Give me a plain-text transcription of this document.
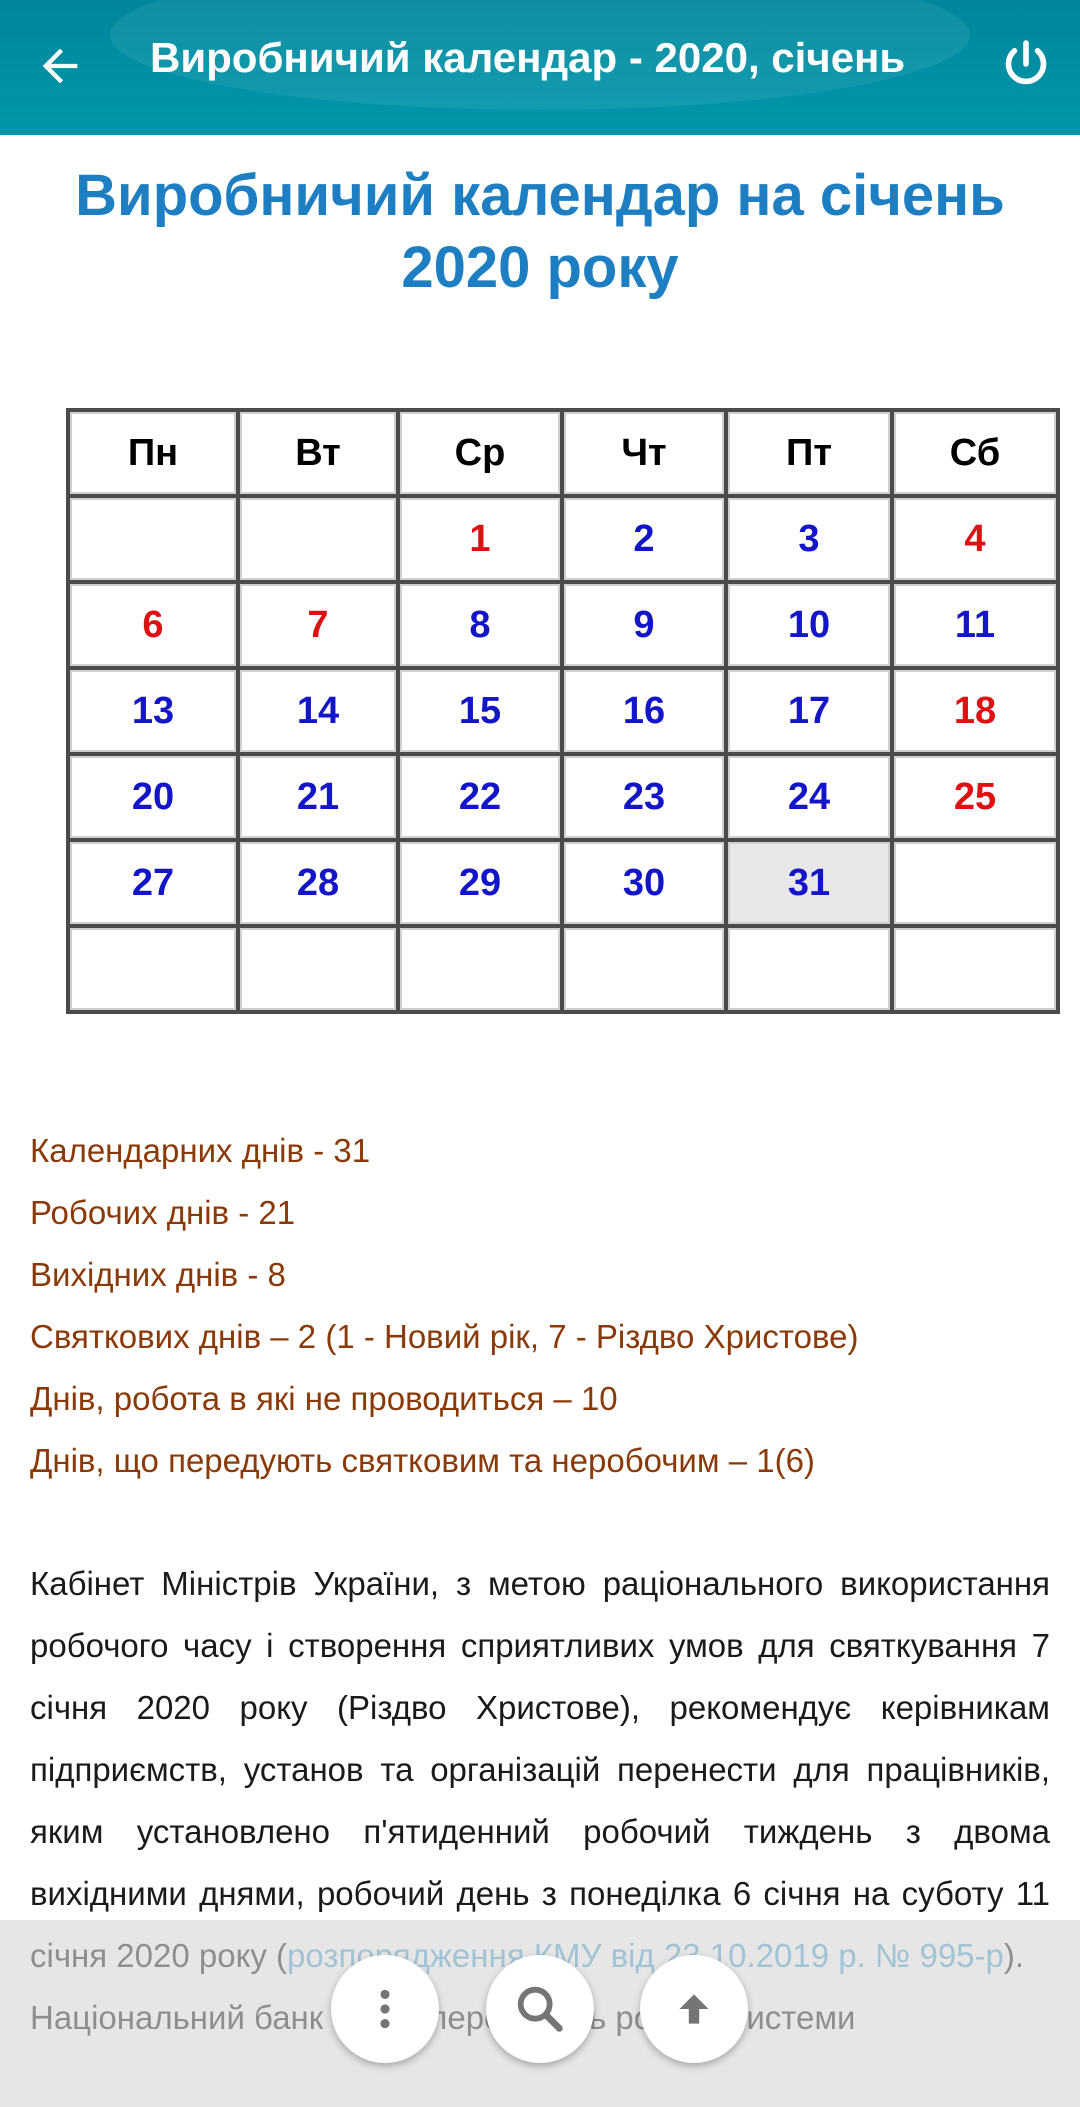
Виробничий календар - 2020, січень
Виробничий календар на січень 2020 року
Пн	Вт	Ср	Чт	Пт	Сб
		1	2	3	4
6	7	8	9	10	11
13	14	15	16	17	18
20	21	22	23	24	25
27	28	29	30	31	

Календарних днів - 31
Робочих днів - 21
Вихідних днів - 8
Святкових днів – 2 (1 - Новий рік, 7 - Різдво Христове)
Днів, робота в які не проводиться – 10
Днів, що передують святковим та неробочим – 1(6)
Кабінет Міністрів України, з метою раціонального використання робочого часу і створення сприятливих умов для святкування 7 січня 2020 року (Різдво Христове), рекомендує керівникам підприємств, установ та організацій перенести для працівників, яким установлено п'ятиденний робочий тиждень з двома вихідними днями, робочий день з понеділка 6 січня на суботу 11
